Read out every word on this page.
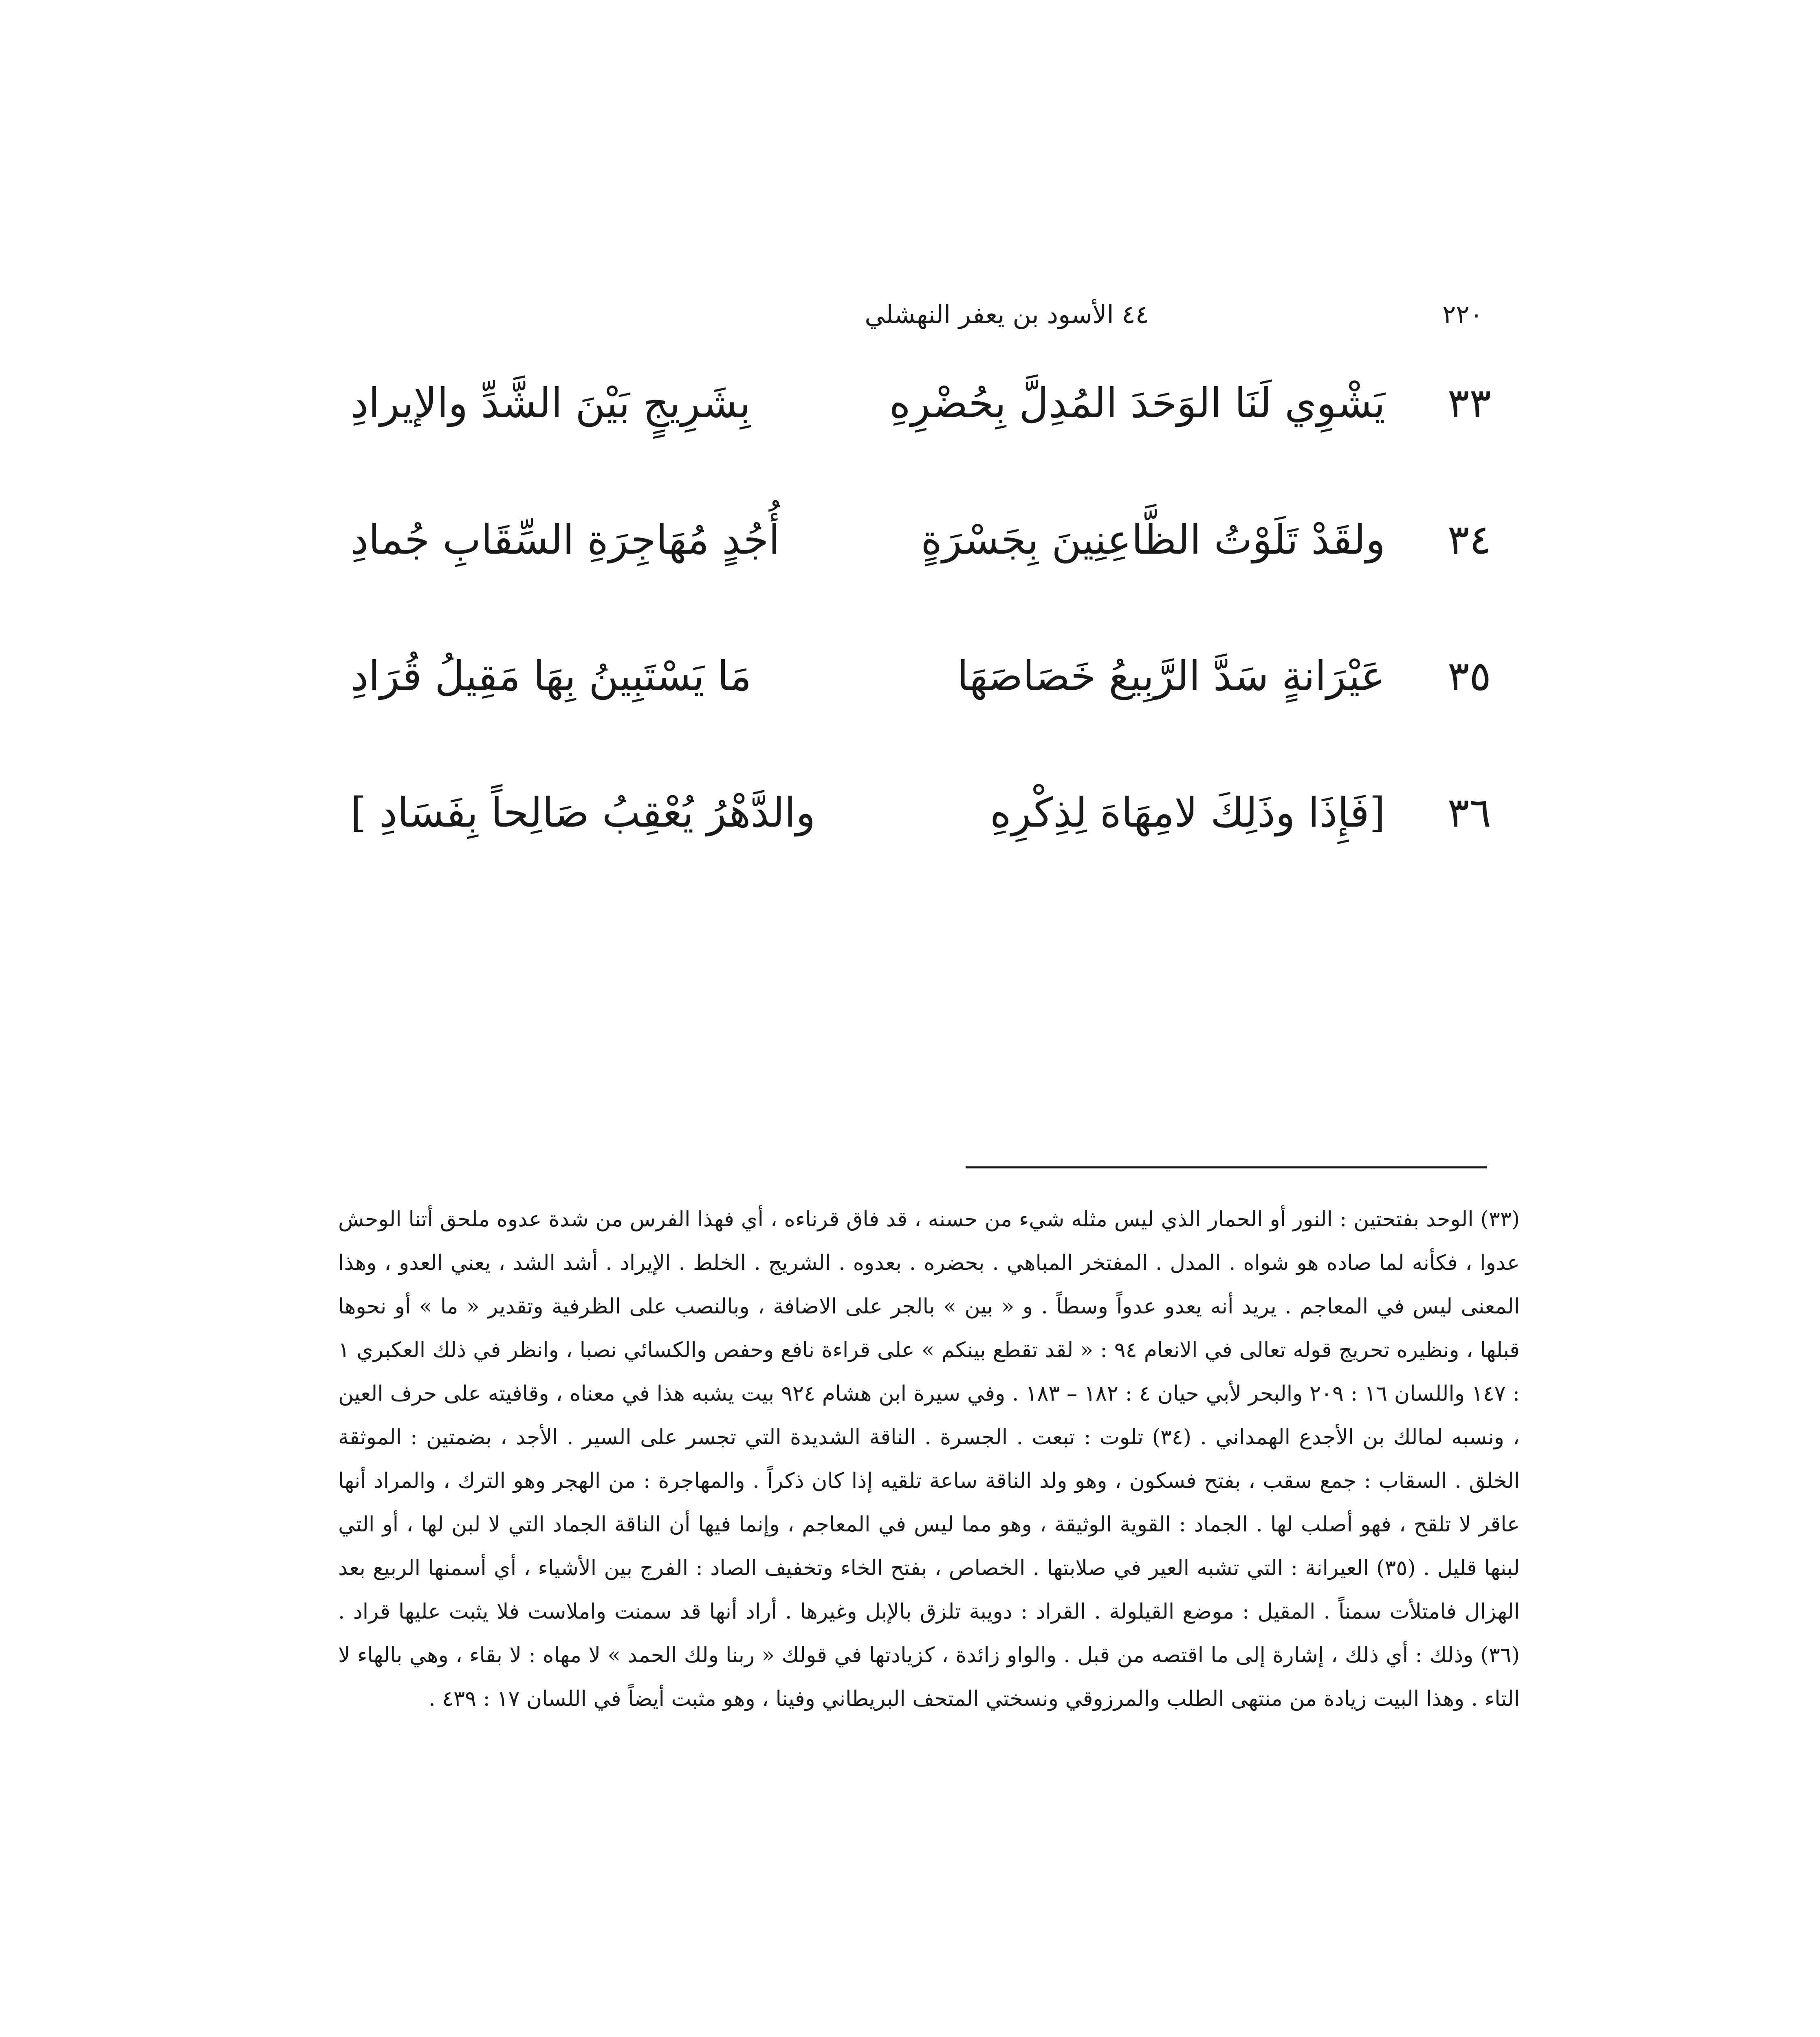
٢٢٠
٤٤ الأسود بن يعفر النهشلي
٣٣
يَشْوِي لَنَا الوَحَدَ المُدِلَّ بِحُضْرِهِ
بِشَرِيجٍ بَيْنَ الشَّدِّ والإيرادِ
٣٤
ولقَدْ تَلَوْتُ الظَّاعِنِينَ بِجَسْرَةٍ
أُجُدٍ مُهَاجِرَةِ السِّقَابِ جُمادِ
٣٥
عَيْرَانةٍ سَدَّ الرَّبِيعُ خَصَاصَهَا
مَا يَسْتَبِينُ بِهَا مَقِيلُ قُرَادِ
٣٦
[فَإِذَا وذَلِكَ لامِهَاهَ لِذِكْرِهِ
والدَّهْرُ يُعْقِبُ صَالِحاً بِفَسَادِ ]

(٣٣) الوحد بفتحتين : النور أو الحمار الذي ليس مثله شيء من حسنه ، قد فاق قرناءه ، أي فهذا الفرس من شدة عدوه ملحق أتنا الوحش عدوا ، فكأنه لما صاده هو شواه . المدل . المفتخر المباهي . بحضره . بعدوه . الشريج . الخلط . الإيراد . أشد الشد ، يعني العدو ، وهذا المعنى ليس في المعاجم . يريد أنه يعدو عدواً وسطاً . و « بين » بالجر على الاضافة ، وبالنصب على الظرفية وتقدير « ما » أو نحوها قبلها ، ونظيره تحريج قوله تعالى في الانعام ٩٤ : « لقد تقطع بينكم » على قراءة نافع وحفص والكسائي نصبا ، وانظر في ذلك العكبري ١ : ١٤٧ واللسان ١٦ : ٢٠٩ والبحر لأبي حيان ٤ : ١٨٢ – ١٨٣ . وفي سيرة ابن هشام ٩٢٤ بيت يشبه هذا في معناه ، وقافيته على حرف العين ، ونسبه لمالك بن الأجدع الهمداني . (٣٤) تلوت : تبعت . الجسرة . الناقة الشديدة التي تجسر على السير . الأجد ، بضمتين : الموثقة الخلق . السقاب : جمع سقب ، بفتح فسكون ، وهو ولد الناقة ساعة تلقيه إذا كان ذكراً . والمهاجرة : من الهجر وهو الترك ، والمراد أنها عاقر لا تلقح ، فهو أصلب لها . الجماد : القوية الوثيقة ، وهو مما ليس في المعاجم ، وإنما فيها أن الناقة الجماد التي لا لبن لها ، أو التي لبنها قليل . (٣٥) العيرانة : التي تشبه العير في صلابتها . الخصاص ، بفتح الخاء وتخفيف الصاد : الفرج بين الأشياء ، أي أسمنها الربيع بعد الهزال فامتلأت سمناً . المقيل : موضع القيلولة . القراد : دويبة تلزق بالإبل وغيرها . أراد أنها قد سمنت واملاست فلا يثبت عليها قراد . (٣٦) وذلك : أي ذلك ، إشارة إلى ما اقتصه من قبل . والواو زائدة ، كزيادتها في قولك « ربنا ولك الحمد » لا مهاه : لا بقاء ، وهي بالهاء لا التاء . وهذا البيت زيادة من منتهى الطلب والمرزوقي ونسختي المتحف البريطاني وفينا ، وهو مثبت أيضاً في اللسان ١٧ : ٤٣٩ .
